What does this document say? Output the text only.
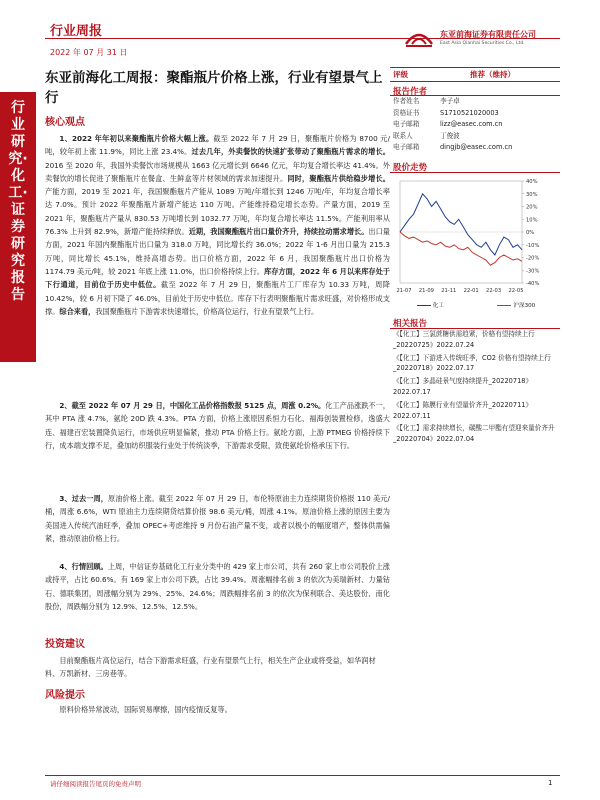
行业周报
2022 年 07 月 31 日
东亚前海证券有限责任公司
East Asia Qianhai Securities Co., Ltd.
行业研究·化工·证券研究报告
东亚前海化工周报：聚酯瓶片价格上涨，行业有望景气上行
评级	推荐（维持）
报告作者
作者姓名	李子卓
资格证书	S1710521020003
电子邮箱	lizz@easec.com.cn
联系人	丁俊波
电子邮箱	dingjb@easec.com.cn
股价走势
40%
30%
20%
10%
0%
-10%
-20%
-30%
-40%
21-07 21-09 21-11 22-01 22-03 22-05
化工	沪深300
相关报告
《【化工】三氯蔗糖供需趋紧，价格有望持续上行_20220725》2022.07.24
《【化工】下游进入传统旺季，CO2 价格有望持续上行_20220718》2022.07.17
《【化工】多晶硅景气度持续提升_20220718》2022.07.17
《【化工】陈膜行业有望量价齐升_20220711》2022.07.11
《【化工】需求持续增长，碳酸二甲酯有望迎来量价齐升_20220704》2022.07.04
核心观点

1、2022 年年初以来聚酯瓶片价格大幅上涨。截至 2022 年 7 月 29 日，聚酯瓶片价格为 8700 元/吨，较年初上涨 11.9%，同比上涨 23.4%。过去几年，外卖餐饮的快速扩张带动了聚酯瓶片需求的增长。2016 至 2020 年，我国外卖餐饮市场规模从 1663 亿元增长到 6646 亿元，年均复合增长率达 41.4%。外卖餐饮的增长促进了聚酯瓶片在餐盒、生鲜盒等片材领域的需求加速提升。同时，聚酯瓶片供给稳步增长。产能方面，2019 至 2021 年，我国聚酯瓶片产能从 1089 万吨/年增长到 1246 万吨/年，年均复合增长率达 7.0%。预计 2022 年聚酯瓶片新增产能达 110 万吨。产能维持稳定增长态势。产量方面，2019 至 2021 年，聚酯瓶片产量从 830.53 万吨增长到 1032.77 万吨，年均复合增长率达 11.5%。产能利用率从 76.3% 上升到 82.9%，新增产能持续释放。近期，我国聚酯瓶片出口量价齐升，持续拉动需求增长。出口量方面，2021 年国内聚酯瓶片出口量为 318.0 万吨，同比增长约 36.0%；2022 年 1-6 月出口量为 215.3 万吨，同比增长 45.1%，维持高增态势。出口价格方面，2022 年 6 月，我国聚酯瓶片出口价格为 1174.79 美元/吨，较 2021 年底上涨 11.0%，出口价格持续上行。库存方面，2022 年 6 月以来库存处于下行通道，目前位于历史中低位。截至 2022 年 7 月 29 日，聚酯瓶片工厂库存为 10.33 万吨，周降 10.42%，较 6 月初下降了 46.0%，目前处于历史中低位。库存下行表明聚酯瓶片需求旺盛，对价格形成支撑。综合来看，我国聚酯瓶片下游需求快速增长，价格高位运行，行业有望景气上行。

2、截至 2022 年 07 月 29 日，中国化工品价格指数报 5125 点，周涨 0.2%。化工产品涨跌不一，其中 PTA 涨 4.7%，氨纶 20D 跌 4.3%。PTA 方面，价格上涨原因系恒力石化、福海创装置检修，逸盛大连、福建百宏装置降负运行，市场供应明显偏紧，推动 PTA 价格上行。氨纶方面，上游 PTMEG 价格持续下行，成本端支撑不足，叠加纺织服装行业处于传统淡季，下游需求受限，致使氨纶价格承压下行。

3、过去一周，原油价格上涨。截至 2022 年 07 月 29 日，布伦特原油主力连续期货价格报 110 美元/桶，周涨 6.6%，WTI 原油主力连续期货结算价报 98.6 美元/桶，周涨 4.1%。原油价格上涨的原因主要为美国进入传统汽油旺季，叠加 OPEC+考虑维持 9 月份石油产量不变，或者以极小的幅度增产，整体供需偏紧，推动原油价格上行。

4、行情回顾。上周，中信证券基础化工行业分类中的 429 家上市公司，共有 260 家上市公司股价上涨或持平，占比 60.6%。有 169 家上市公司下跌，占比 39.4%。周涨幅排名前 3 的依次为美瑞新材、力量钻石、德联集团，周涨幅分别为 29%、25%、24.6%；周跌幅排名前 3 的依次为保利联合、美达股份、南化股份，周跌幅分别为 12.9%、12.5%、12.5%。

投资建议
目前聚酯瓶片高位运行，结合下游需求旺盛，行业有望景气上行，相关生产企业或将受益，如华润材料、万凯新材、三房巷等。
风险提示
原料价格异常波动，国际贸易摩擦，国内疫情反复等。
请仔细阅读报告尾页的免责声明	1
